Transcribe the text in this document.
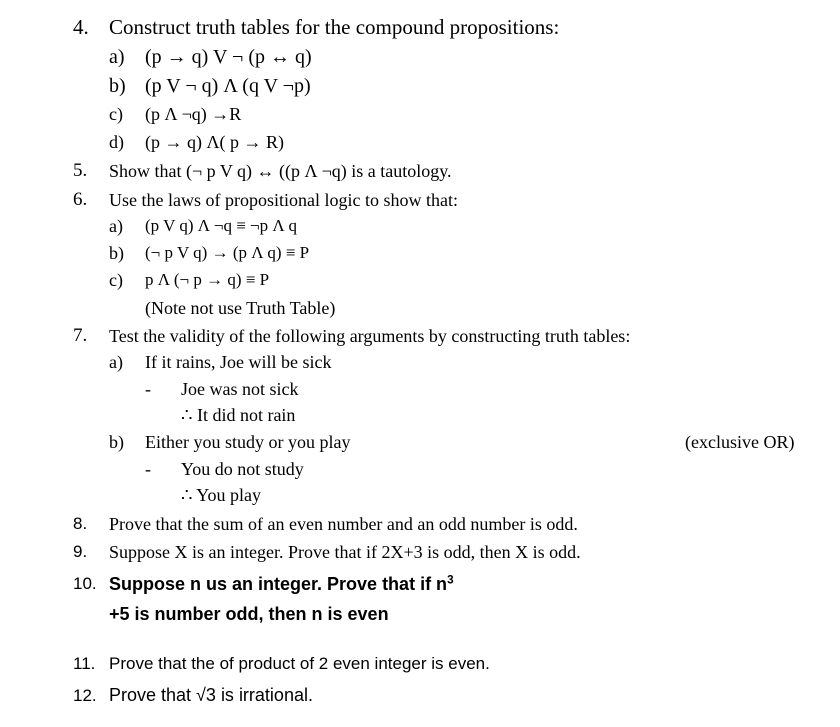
4. Construct truth tables for the compound propositions:
a) (p → q) V ¬ (p ↔ q)
b) (p V ¬ q) Λ (q V ¬p)
c) (p Λ ¬q) →R
d) (p → q) Λ( p → R)
5. Show that (¬ p V q) ↔ ((p Λ ¬q) is a tautology.
6. Use the laws of propositional logic to show that:
a) (p V q) Λ ¬q ≡ ¬p Λ q
b) (¬ p V q) → (p Λ q) ≡ P
c) p Λ (¬ p → q) ≡ P
(Note not use Truth Table)
7. Test the validity of the following arguments by constructing truth tables:
a) If it rains, Joe will be sick
- Joe was not sick
∴ It did not rain
b) Either you study or you play	(exclusive OR)
- You do not study
∴ You play
8. Prove that the sum of an even number and an odd number is odd.
9. Suppose X is an integer. Prove that if 2X+3 is odd, then X is odd.
10. Suppose n us an integer. Prove that if $n^3$
+5 is number odd, then n is even
11. Prove that the of product of 2 even integer is even.
12. Prove that √3 is irrational.
